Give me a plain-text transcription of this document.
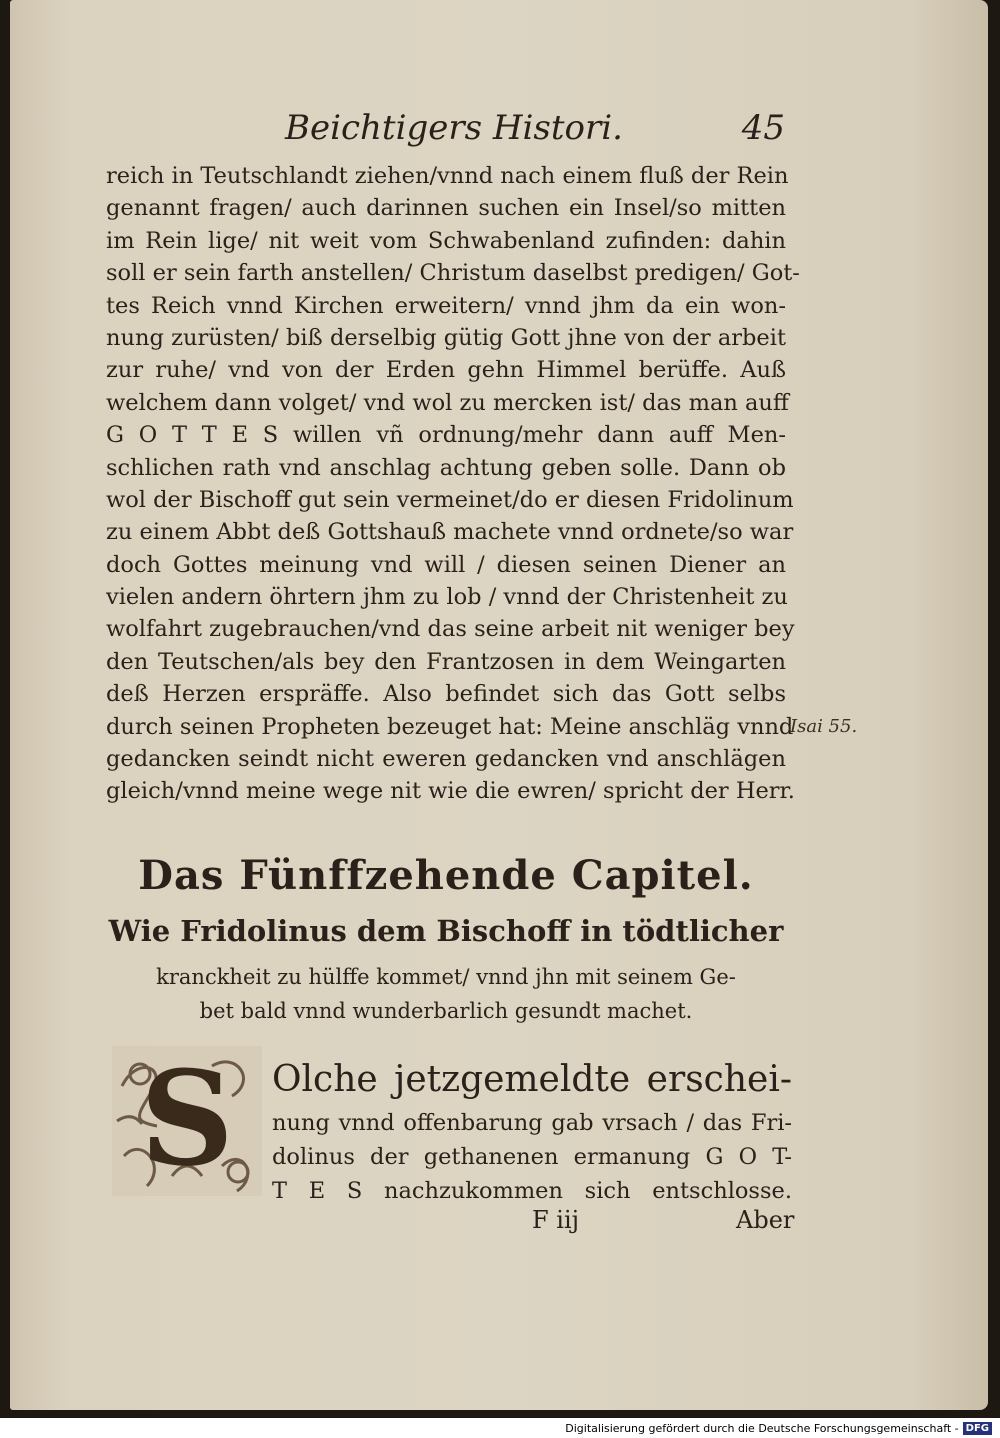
Beichtigers Histori.	45
reich in Teutschlandt ziehen/vnnd nach einem fluß der Rein
genannt fragen/ auch darinnen suchen ein Insel/so mitten
im Rein lige/ nit weit vom Schwabenland zufinden: dahin
soll er sein farth anstellen/ Christum daselbst predigen/ Got-
tes Reich vnnd Kirchen erweitern/ vnnd jhm da ein won-
nung zurüsten/ biß derselbig gütig Gott jhne von der arbeit
zur ruhe/ vnd von der Erden gehn Himmel berüffe. Auß
welchem dann volget/ vnd wol zu mercken ist/ das man auff
G O T T E S willen vñ ordnung/mehr dann auff Men-
schlichen rath vnd anschlag achtung geben solle. Dann ob
wol der Bischoff gut sein vermeinet/do er diesen Fridolinum
zu einem Abbt deß Gottshauß machete vnnd ordnete/so war
doch Gottes meinung vnd will / diesen seinen Diener an
vielen andern öhrtern jhm zu lob / vnnd der Christenheit zu
wolfahrt zugebrauchen/vnd das seine arbeit nit weniger bey
den Teutschen/als bey den Frantzosen in dem Weingarten
deß Herzen erspräffe. Also befindet sich das Gott selbs
durch seinen Propheten bezeuget hat: Meine anschläg vnnd
gedancken seindt nicht eweren gedancken vnd anschlägen
gleich/vnnd meine wege nit wie die ewren/ spricht der Herr.
Isai 55.
Das Fünffzehende Capitel.
Wie Fridolinus dem Bischoff in tödtlicher
kranckheit zu hülffe kommet/ vnnd jhn mit seinem Ge-
bet bald vnnd wunderbarlich gesundt machet.
S Olche jetzgemeldte erschei-
nung vnnd offenbarung gab vrsach / das Fri-
dolinus der gethanenen ermanung G O T-
T E S nachzukommen sich entschlosse.
F iij	Aber
Digitalisierung gefördert durch die Deutsche Forschungsgemeinschaft - DFG
